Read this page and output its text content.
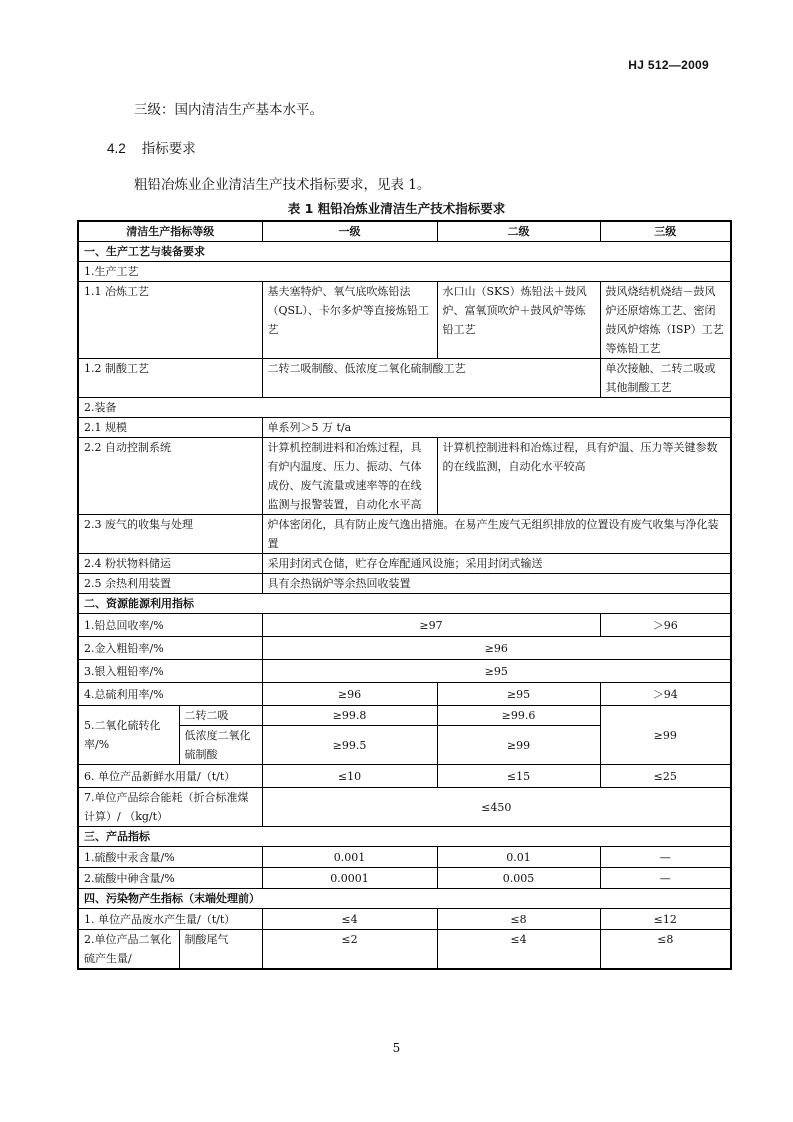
HJ 512—2009
三级：国内清洁生产基本水平。
4.2 指标要求
粗铅冶炼业企业清洁生产技术指标要求，见表 1。
表 1 粗铅冶炼业清洁生产技术指标要求
清洁生产指标等级		一级	二级	三级
一、生产工艺与装备要求				
1.生产工艺				
1.1 冶炼工艺		基夫塞特炉、氧气底吹炼铅法（QSL）、卡尔多炉等直接炼铅工艺	水口山（SKS）炼铅法＋鼓风炉、富氧顶吹炉＋鼓风炉等炼铅工艺	鼓风烧结机烧结－鼓风炉还原熔炼工艺、密闭鼓风炉熔炼（ISP）工艺等炼铅工艺
1.2 制酸工艺		二转二吸制酸、低浓度二氧化硫制酸工艺		单次接触、二转二吸或其他制酸工艺
2.装备				
2.1 规模		单系列＞5 万 t/a		
2.2 自动控制系统		计算机控制进料和冶炼过程，具有炉内温度、压力、振动、气体成份、废气流量或速率等的在线监测与报警装置，自动化水平高	计算机控制进料和冶炼过程，具有炉温、压力等关键参数的在线监测，自动化水平较高	
2.3 废气的收集与处理		炉体密闭化，具有防止废气逸出措施。在易产生废气无组织排放的位置设有废气收集与净化装置		
2.4 粉状物料储运		采用封闭式仓储，贮存仓库配通风设施；采用封闭式输送		
2.5 余热利用装置		具有余热锅炉等余热回收装置		
二、资源能源利用指标				
1.铅总回收率/%		≥97		＞96
2.金入粗铅率/%		≥96		
3.银入粗铅率/%		≥95		
4.总硫利用率/%		≥96	≥95	＞94
5.二氧化硫转化率/%	二转二吸	≥99.8	≥99.6	≥99
	低浓度二氧化硫制酸	≥99.5	≥99	
6. 单位产品新鲜水用量/（t/t）		≤10	≤15	≤25
7.单位产品综合能耗（折合标准煤计算）/ （kg/t）		≤450		
三、产品指标				
1.硫酸中汞含量/%		0.001	0.01	—
2.硫酸中砷含量/%		0.0001	0.005	—
四、污染物产生指标（末端处理前）				
1. 单位产品废水产生量/（t/t）		≤4	≤8	≤12
2.单位产品二氧化硫产生量/	制酸尾气	≤2	≤4	≤8
5
